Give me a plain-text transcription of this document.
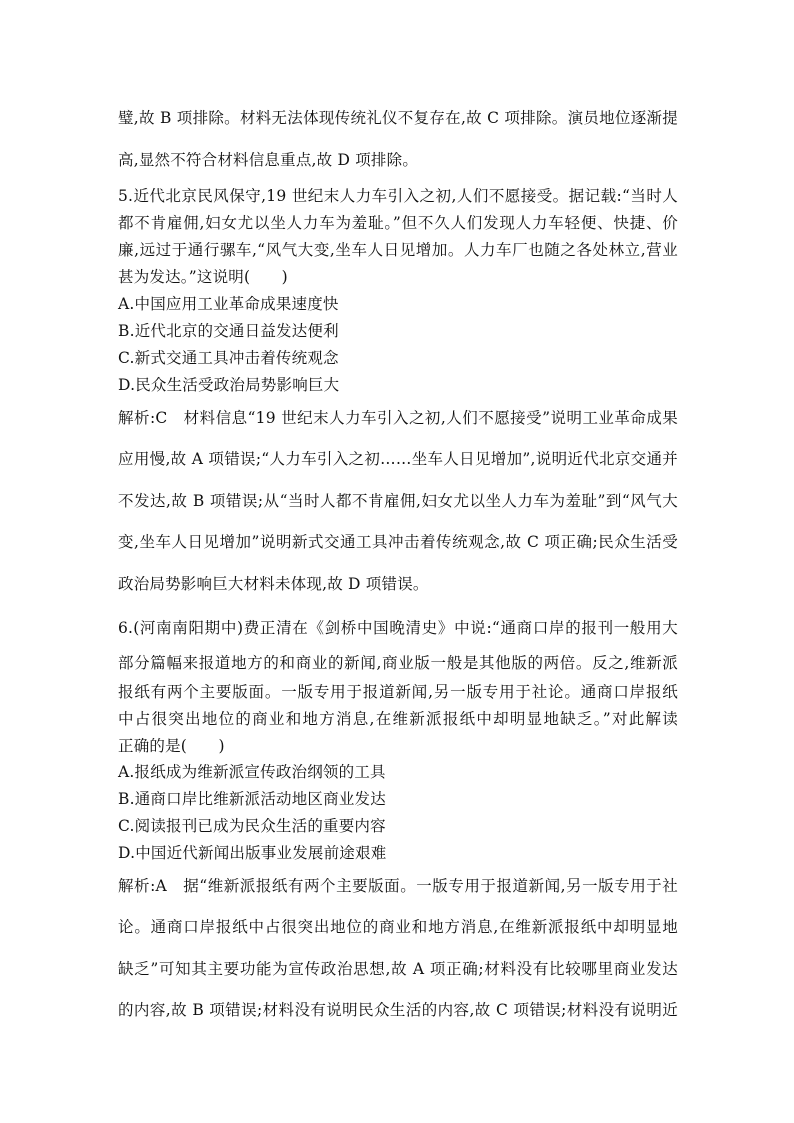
璧,故 B 项排除。材料无法体现传统礼仪不复存在,故 C 项排除。演员地位逐渐提
高,显然不符合材料信息重点,故 D 项排除。
5.近代北京民风保守,19 世纪末人力车引入之初,人们不愿接受。据记载:“当时人
都不肯雇佣,妇女尤以坐人力车为羞耻。”但不久人们发现人力车轻便、快捷、价
廉,远过于通行骡车,“风气大变,坐车人日见增加。人力车厂也随之各处林立,营业
甚为发达。”这说明(　　)
A.中国应用工业革命成果速度快
B.近代北京的交通日益发达便利
C.新式交通工具冲击着传统观念
D.民众生活受政治局势影响巨大
解析:C　材料信息“19 世纪末人力车引入之初,人们不愿接受”说明工业革命成果
应用慢,故 A 项错误;“人力车引入之初……坐车人日见增加”,说明近代北京交通并
不发达,故 B 项错误;从“当时人都不肯雇佣,妇女尤以坐人力车为羞耻”到“风气大
变,坐车人日见增加”说明新式交通工具冲击着传统观念,故 C 项正确;民众生活受
政治局势影响巨大材料未体现,故 D 项错误。
6.(河南南阳期中)费正清在《剑桥中国晚清史》中说:“通商口岸的报刊一般用大
部分篇幅来报道地方的和商业的新闻,商业版一般是其他版的两倍。反之,维新派
报纸有两个主要版面。一版专用于报道新闻,另一版专用于社论。通商口岸报纸
中占很突出地位的商业和地方消息,在维新派报纸中却明显地缺乏。”对此解读
正确的是(　　)
A.报纸成为维新派宣传政治纲领的工具
B.通商口岸比维新派活动地区商业发达
C.阅读报刊已成为民众生活的重要内容
D.中国近代新闻出版事业发展前途艰难
解析:A　据“维新派报纸有两个主要版面。一版专用于报道新闻,另一版专用于社
论。通商口岸报纸中占很突出地位的商业和地方消息,在维新派报纸中却明显地
缺乏”可知其主要功能为宣传政治思想,故 A 项正确;材料没有比较哪里商业发达
的内容,故 B 项错误;材料没有说明民众生活的内容,故 C 项错误;材料没有说明近
